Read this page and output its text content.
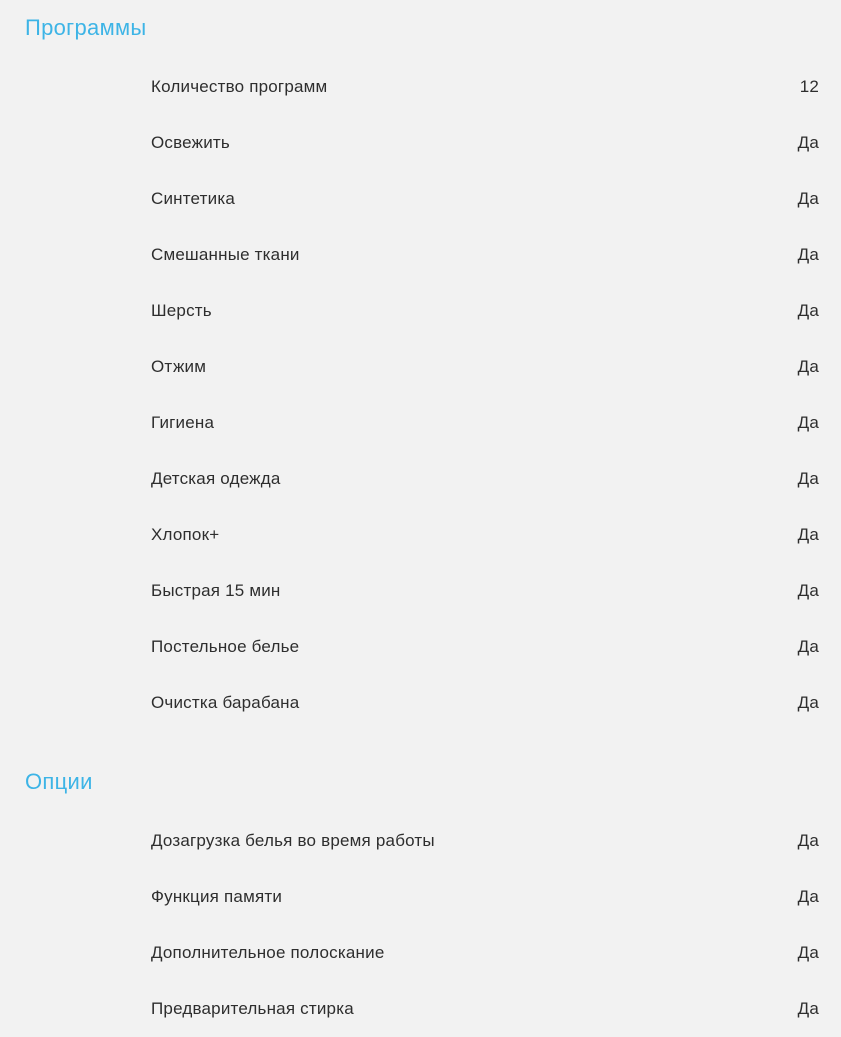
Программы
Количество программ	12
Освежить	Да
Синтетика	Да
Смешанные ткани	Да
Шерсть	Да
Отжим	Да
Гигиена	Да
Детская одежда	Да
Хлопок+	Да
Быстрая 15 мин	Да
Постельное белье	Да
Очистка барабана	Да
Опции
Дозагрузка белья во время работы	Да
Функция памяти	Да
Дополнительное полоскание	Да
Предварительная стирка	Да
